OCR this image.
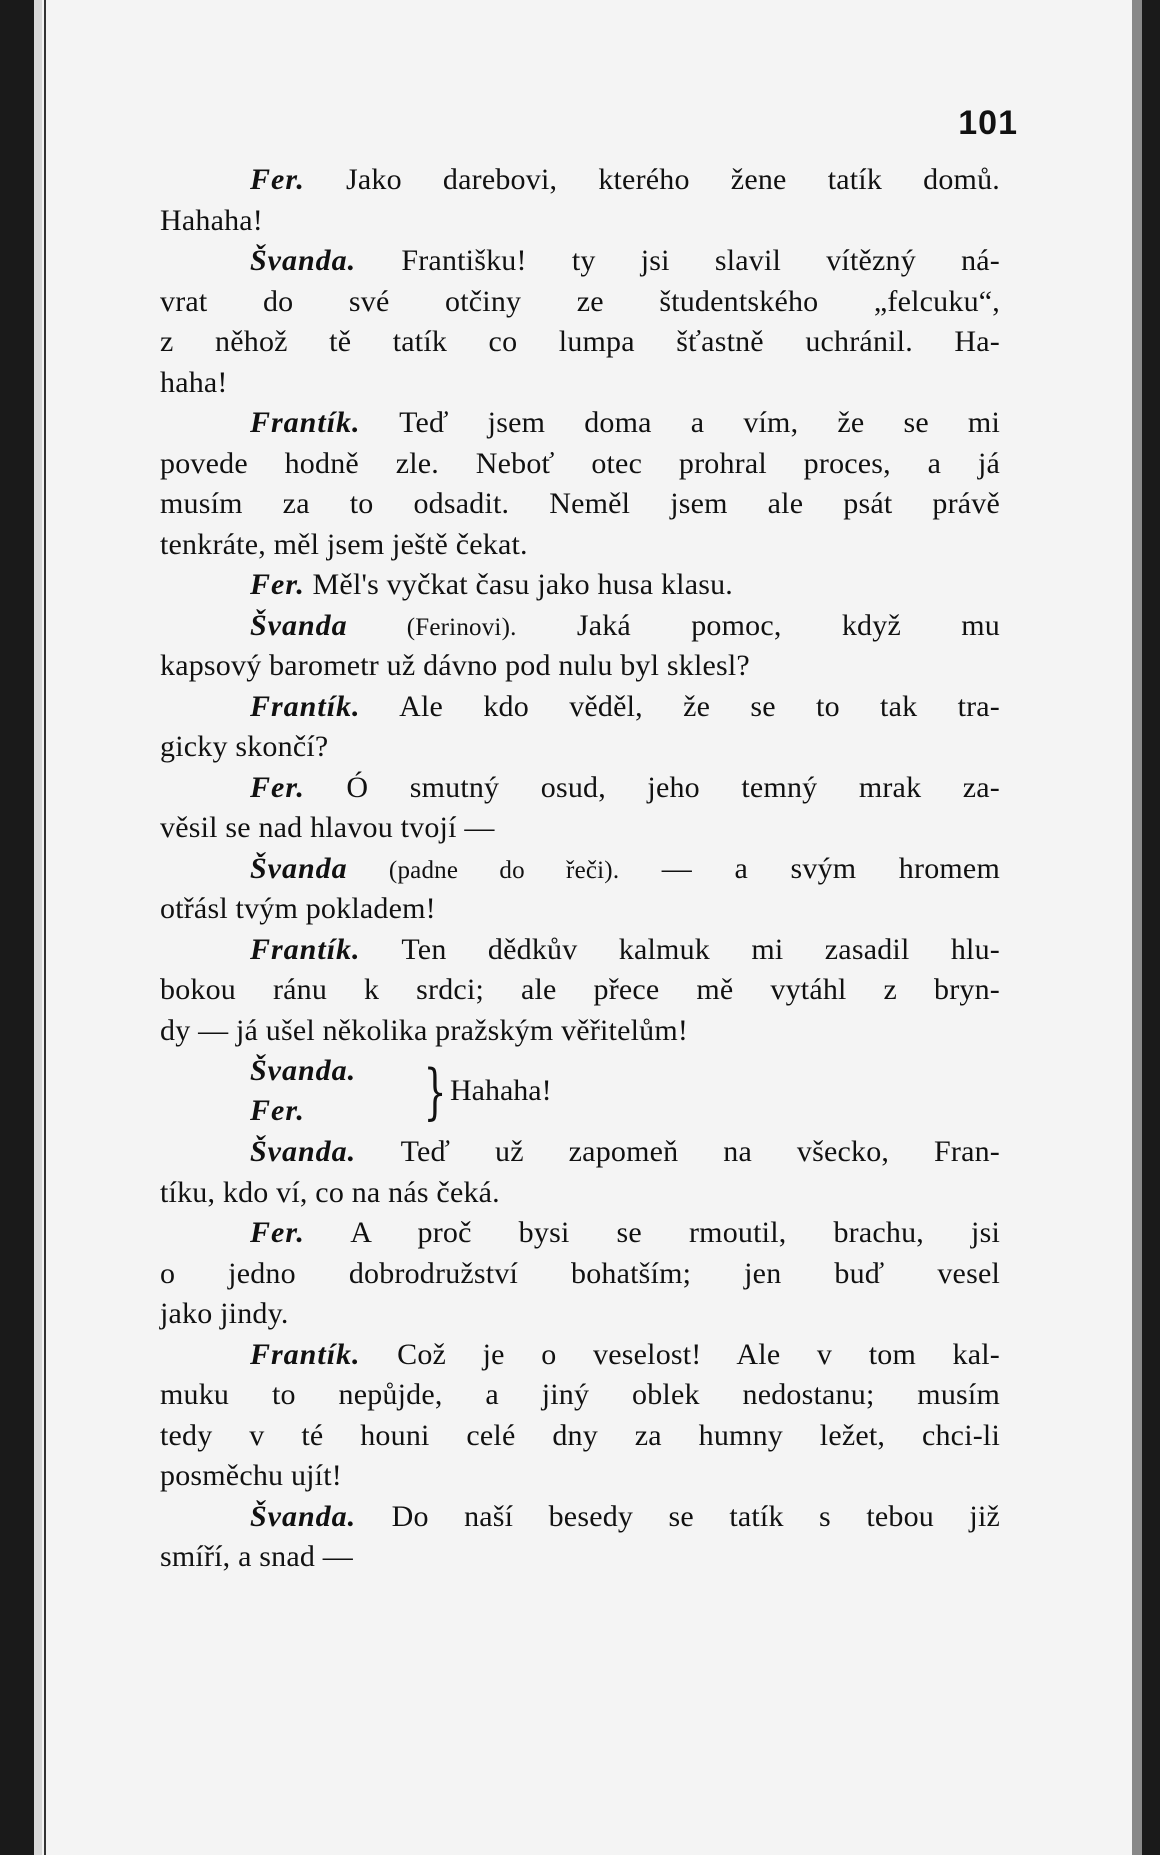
101
Fer. Jako darebovi, kterého žene tatík domů.
Hahaha!
Švanda. Františku! ty jsi slavil vítězný ná-
vrat do své otčiny ze študentského „felcuku“,
z něhož tě tatík co lumpa šťastně uchránil. Ha-
haha!
Frantík. Teď jsem doma a vím, že se mi
povede hodně zle. Neboť otec prohral proces, a já
musím za to odsadit. Neměl jsem ale psát právě
tenkráte, měl jsem ještě čekat.
Fer. Měl's vyčkat času jako husa klasu.
Švanda (Ferinovi). Jaká pomoc, když mu
kapsový barometr už dávno pod nulu byl sklesl?
Frantík. Ale kdo věděl, že se to tak tra-
gicky skončí?
Fer. Ó smutný osud, jeho temný mrak za-
věsil se nad hlavou tvojí —
Švanda (padne do řeči). — a svým hromem
otřásl tvým pokladem!
Frantík. Ten dědkův kalmuk mi zasadil hlu-
bokou ránu k srdci; ale přece mě vytáhl z bryn-
dy — já ušel několika pražským věřitelům!
Švanda.
Fer. } Hahaha!
Švanda. Teď už zapomeň na všecko, Fran-
tíku, kdo ví, co na nás čeká.
Fer. A proč bysi se rmoutil, brachu, jsi
o jedno dobrodružství bohatším; jen buď vesel
jako jindy.
Frantík. Což je o veselost! Ale v tom kal-
muku to nepůjde, a jiný oblek nedostanu; musím
tedy v té houni celé dny za humny ležet, chci-li
posměchu ujít!
Švanda. Do naší besedy se tatík s tebou již
smíří, a snad —
